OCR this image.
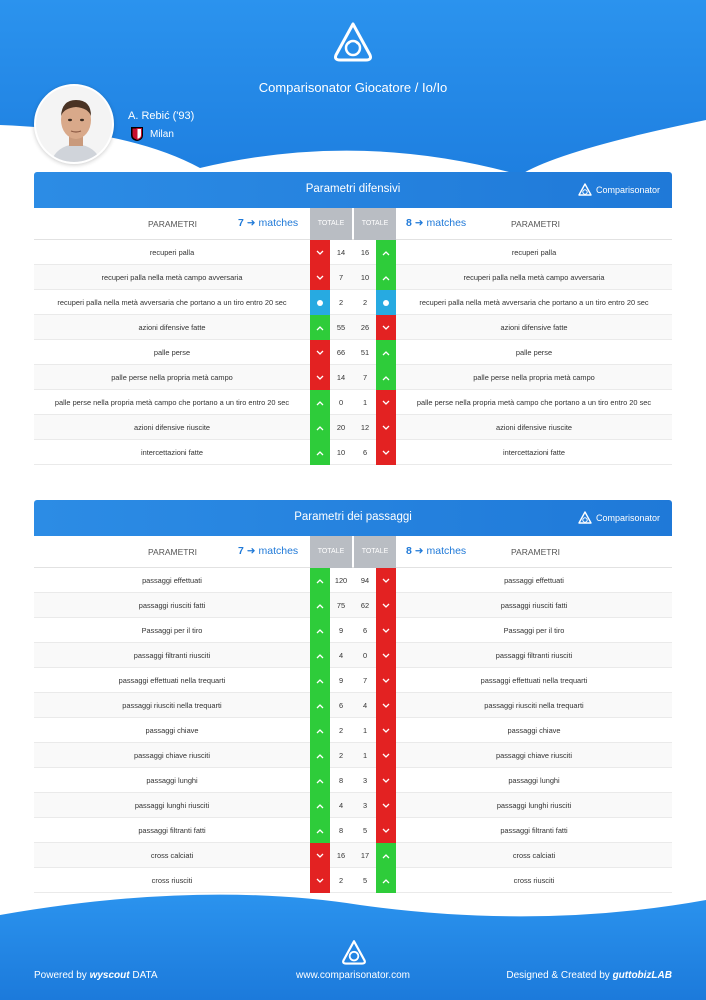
Comparisonator Giocatore / Io/Io
A. Rebić ('93)
Milan
Parametri difensivi	Comparisonator
PARAMETRI	7 ➜ matches	TOTALE	TOTALE	8 ➜ matches	PARAMETRI
recuperi palla	14	16	recuperi palla
recuperi palla nella metà campo avversaria	7	10	recuperi palla nella metà campo avversaria
recuperi palla nella metà avversaria che portano a un tiro entro 20 sec	2	2	recuperi palla nella metà avversaria che portano a un tiro entro 20 sec
azioni difensive fatte	55	26	azioni difensive fatte
palle perse	66	51	palle perse
palle perse nella propria metà campo	14	7	palle perse nella propria metà campo
palle perse nella propria metà campo che portano a un tiro entro 20 sec	0	1	palle perse nella propria metà campo che portano a un tiro entro 20 sec
azioni difensive riuscite	20	12	azioni difensive riuscite
intercettazioni fatte	10	6	intercettazioni fatte
Parametri dei passaggi	Comparisonator
PARAMETRI	7 ➜ matches	TOTALE	TOTALE	8 ➜ matches	PARAMETRI
passaggi effettuati	120	94	passaggi effettuati
passaggi riusciti fatti	75	62	passaggi riusciti fatti
Passaggi per il tiro	9	6	Passaggi per il tiro
passaggi filtranti riusciti	4	0	passaggi filtranti riusciti
passaggi effettuati nella trequarti	9	7	passaggi effettuati nella trequarti
passaggi riusciti nella trequarti	6	4	passaggi riusciti nella trequarti
passaggi chiave	2	1	passaggi chiave
passaggi chiave riusciti	2	1	passaggi chiave riusciti
passaggi lunghi	8	3	passaggi lunghi
passaggi lunghi riusciti	4	3	passaggi lunghi riusciti
passaggi filtranti fatti	8	5	passaggi filtranti fatti
cross calciati	16	17	cross calciati
cross riusciti	2	5	cross riusciti
Powered by wyscout DATA	www.comparisonator.com	Designed & Created by guttobizLAB
